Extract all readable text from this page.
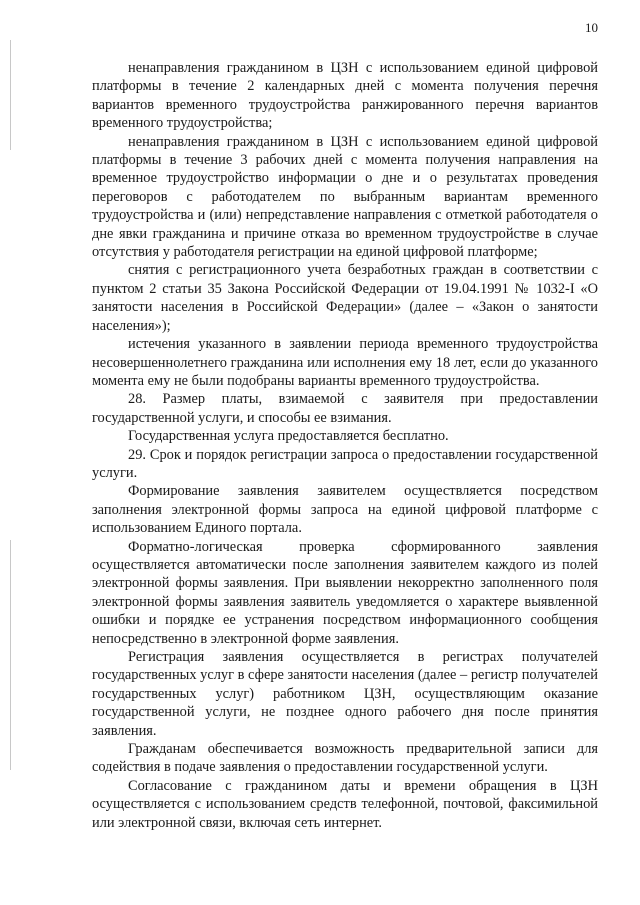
10

ненаправления гражданином в ЦЗН с использованием единой цифровой платформы в течение 2 календарных дней с момента получения перечня вариантов временного трудоустройства ранжированного перечня вариантов временного трудоустройства;

ненаправления гражданином в ЦЗН с использованием единой цифровой платформы в течение 3 рабочих дней с момента получения направления на временное трудоустройство информации о дне и о результатах проведения переговоров с работодателем по выбранным вариантам временного трудоустройства и (или) непредставление направления с отметкой работодателя о дне явки гражданина и причине отказа во временном трудоустройстве в случае отсутствия у работодателя регистрации на единой цифровой платформе;

снятия с регистрационного учета безработных граждан в соответствии с пунктом 2 статьи 35 Закона Российской Федерации от 19.04.1991 № 1032-I «О занятости населения в Российской Федерации» (далее – «Закон о занятости населения»);

истечения указанного в заявлении периода временного трудоустройства несовершеннолетнего гражданина или исполнения ему 18 лет, если до указанного момента ему не были подобраны варианты временного трудоустройства.

28. Размер платы, взимаемой с заявителя при предоставлении государственной услуги, и способы ее взимания.

Государственная услуга предоставляется бесплатно.

29. Срок и порядок регистрации запроса о предоставлении государственной услуги.

Формирование заявления заявителем осуществляется посредством заполнения электронной формы запроса на единой цифровой платформе с использованием Единого портала.

Форматно-логическая проверка сформированного заявления осуществляется автоматически после заполнения заявителем каждого из полей электронной формы заявления. При выявлении некорректно заполненного поля электронной формы заявления заявитель уведомляется о характере выявленной ошибки и порядке ее устранения посредством информационного сообщения непосредственно в электронной форме заявления.

Регистрация заявления осуществляется в регистрах получателей государственных услуг в сфере занятости населения (далее – регистр получателей государственных услуг) работником ЦЗН, осуществляющим оказание государственной услуги, не позднее одного рабочего дня после принятия заявления.

Гражданам обеспечивается возможность предварительной записи для содействия в подаче заявления о предоставлении государственной услуги.

Согласование с гражданином даты и времени обращения в ЦЗН осуществляется с использованием средств телефонной, почтовой, факсимильной или электронной связи, включая сеть интернет.
